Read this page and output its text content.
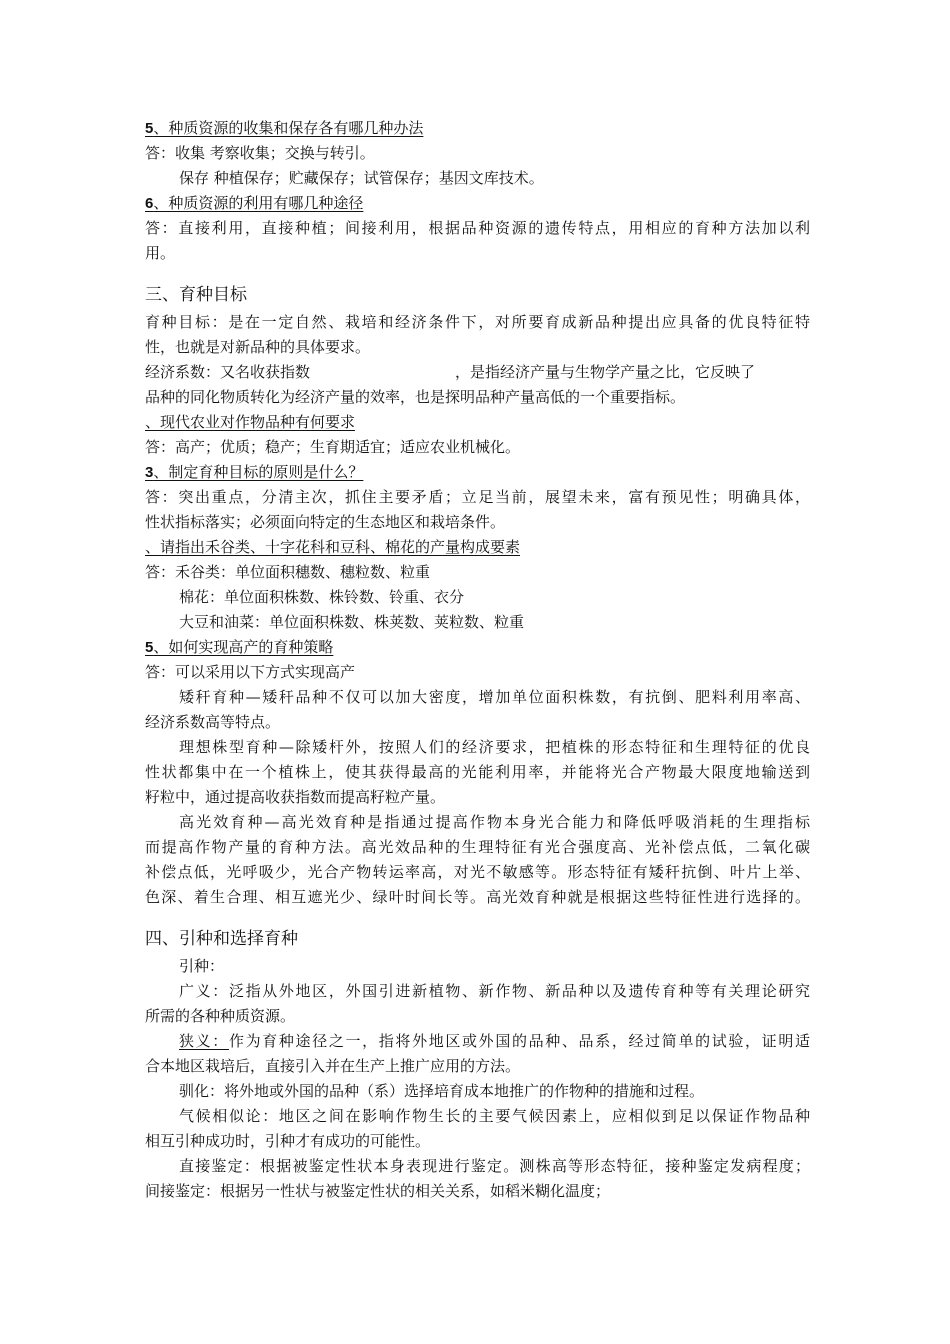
5、种质资源的收集和保存各有哪几种办法
答：收集 考察收集；交换与转引。
保存 种植保存；贮藏保存；试管保存；基因文库技术。
6、种质资源的利用有哪几种途径
答：直接利用，直接种植；间接利用，根据品种资源的遗传特点，用相应的育种方法加以利
用。
三、育种目标
育种目标：是在一定自然、栽培和经济条件下，对所要育成新品种提出应具备的优良特征特
性，也就是对新品种的具体要求。
经济系数：又名收获指数	，是指经济产量与生物学产量之比，它反映了
品种的同化物质转化为经济产量的效率，也是探明品种产量高低的一个重要指标。
、现代农业对作物品种有何要求
答：高产；优质；稳产；生育期适宜；适应农业机械化。
3、制定育种目标的原则是什么？
答：突出重点，分清主次，抓住主要矛盾；立足当前，展望未来，富有预见性；明确具体，
性状指标落实；必须面向特定的生态地区和栽培条件。
、请指出禾谷类、十字花科和豆科、棉花的产量构成要素
答：禾谷类：单位面积穗数、穗粒数、粒重
棉花：单位面积株数、株铃数、铃重、衣分
大豆和油菜：单位面积株数、株荚数、荚粒数、粒重
5、如何实现高产的育种策略
答：可以采用以下方式实现高产
矮秆育种—矮秆品种不仅可以加大密度，增加单位面积株数，有抗倒、肥料利用率高、
经济系数高等特点。
理想株型育种—除矮杆外，按照人们的经济要求，把植株的形态特征和生理特征的优良
性状都集中在一个植株上，使其获得最高的光能利用率，并能将光合产物最大限度地输送到
籽粒中，通过提高收获指数而提高籽粒产量。
高光效育种—高光效育种是指通过提高作物本身光合能力和降低呼吸消耗的生理指标
而提高作物产量的育种方法。高光效品种的生理特征有光合强度高、光补偿点低，二氧化碳
补偿点低，光呼吸少，光合产物转运率高，对光不敏感等。形态特征有矮秆抗倒、叶片上举、
色深、着生合理、相互遮光少、绿叶时间长等。高光效育种就是根据这些特征性进行选择的。
四、引种和选择育种
引种：
广义：泛指从外地区，外国引进新植物、新作物、新品种以及遗传育种等有关理论研究
所需的各种种质资源。
狭义：作为育种途径之一，指将外地区或外国的品种、品系，经过简单的试验，证明适
合本地区栽培后，直接引入并在生产上推广应用的方法。
驯化：将外地或外国的品种（系）选择培育成本地推广的作物种的措施和过程。
气候相似论：地区之间在影响作物生长的主要气候因素上，应相似到足以保证作物品种
相互引种成功时，引种才有成功的可能性。
直接鉴定：根据被鉴定性状本身表现进行鉴定。测株高等形态特征，接种鉴定发病程度；
间接鉴定：根据另一性状与被鉴定性状的相关关系，如稻米糊化温度；
